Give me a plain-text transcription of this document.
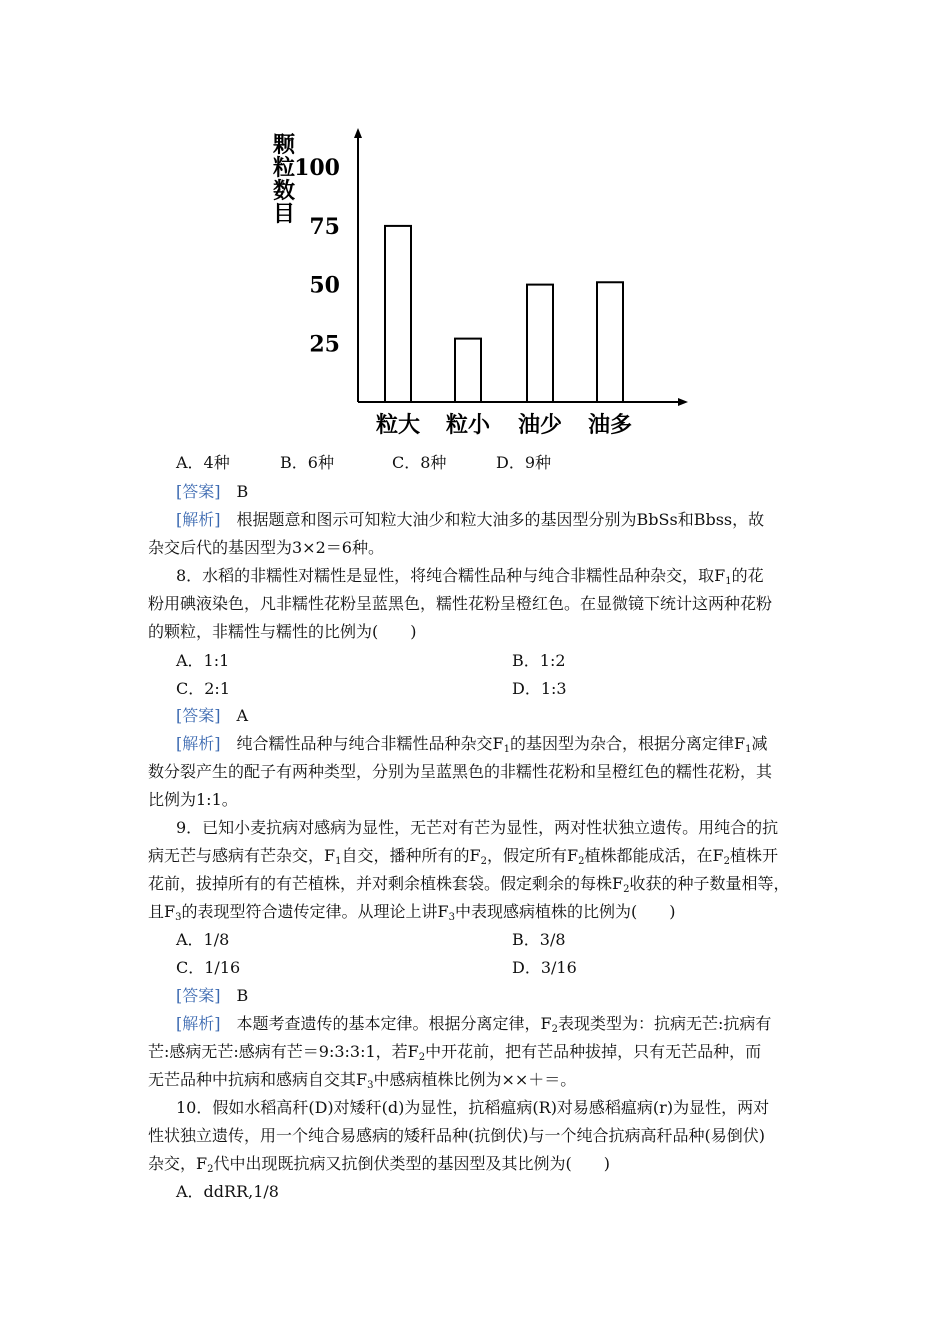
颗
粒
数
目
100
75
50
25
粒大 粒小 油少 油多
A．4种	B．6种	C．8种	D．9种
[答案]　 B
[解析]　 根据题意和图示可知粒大油少和粒大油多的基因型分别为BbSs和Bbss，故
杂交后代的基因型为3×2＝6种。
8．水稻的非糯性对糯性是显性，将纯合糯性品种与纯合非糯性品种杂交，取$F_1$的花
粉用碘液染色，凡非糯性花粉呈蓝黑色，糯性花粉呈橙红色。在显微镜下统计这两种花粉
的颗粒，非糯性与糯性的比例为(　　)
A．1:1	B．1:2
C．2:1	D．1:3
[答案]　 A
[解析]　 纯合糯性品种与纯合非糯性品种杂交$F_1$的基因型为杂合，根据分离定律$F_1$减
数分裂产生的配子有两种类型，分别为呈蓝黑色的非糯性花粉和呈橙红色的糯性花粉，其
比例为1:1。
9．已知小麦抗病对感病为显性，无芒对有芒为显性，两对性状独立遗传。用纯合的抗
病无芒与感病有芒杂交，$F_1$自交，播种所有的$F_2$，假定所有$F_2$植株都能成活，在$F_2$植株开
花前，拔掉所有的有芒植株，并对剩余植株套袋。假定剩余的每株$F_2$收获的种子数量相等，
且$F_3$的表现型符合遗传定律。从理论上讲$F_3$中表现感病植株的比例为(　　)
A．1/8	B．3/8
C．1/16	D．3/16
[答案]　 B
[解析]　 本题考查遗传的基本定律。根据分离定律，$F_2$表现类型为：抗病无芒:抗病有
芒:感病无芒:感病有芒＝9:3:3:1，若$F_2$中开花前，把有芒品种拔掉，只有无芒品种，而
无芒品种中抗病和感病自交其$F_3$中感病植株比例为××＋＝。
10．假如水稻高秆(D)对矮秆(d)为显性，抗稻瘟病(R)对易感稻瘟病(r)为显性，两对
性状独立遗传，用一个纯合易感病的矮秆品种(抗倒伏)与一个纯合抗病高秆品种(易倒伏)
杂交，$F_2$代中出现既抗病又抗倒伏类型的基因型及其比例为(　　)
A．ddRR,1/8
